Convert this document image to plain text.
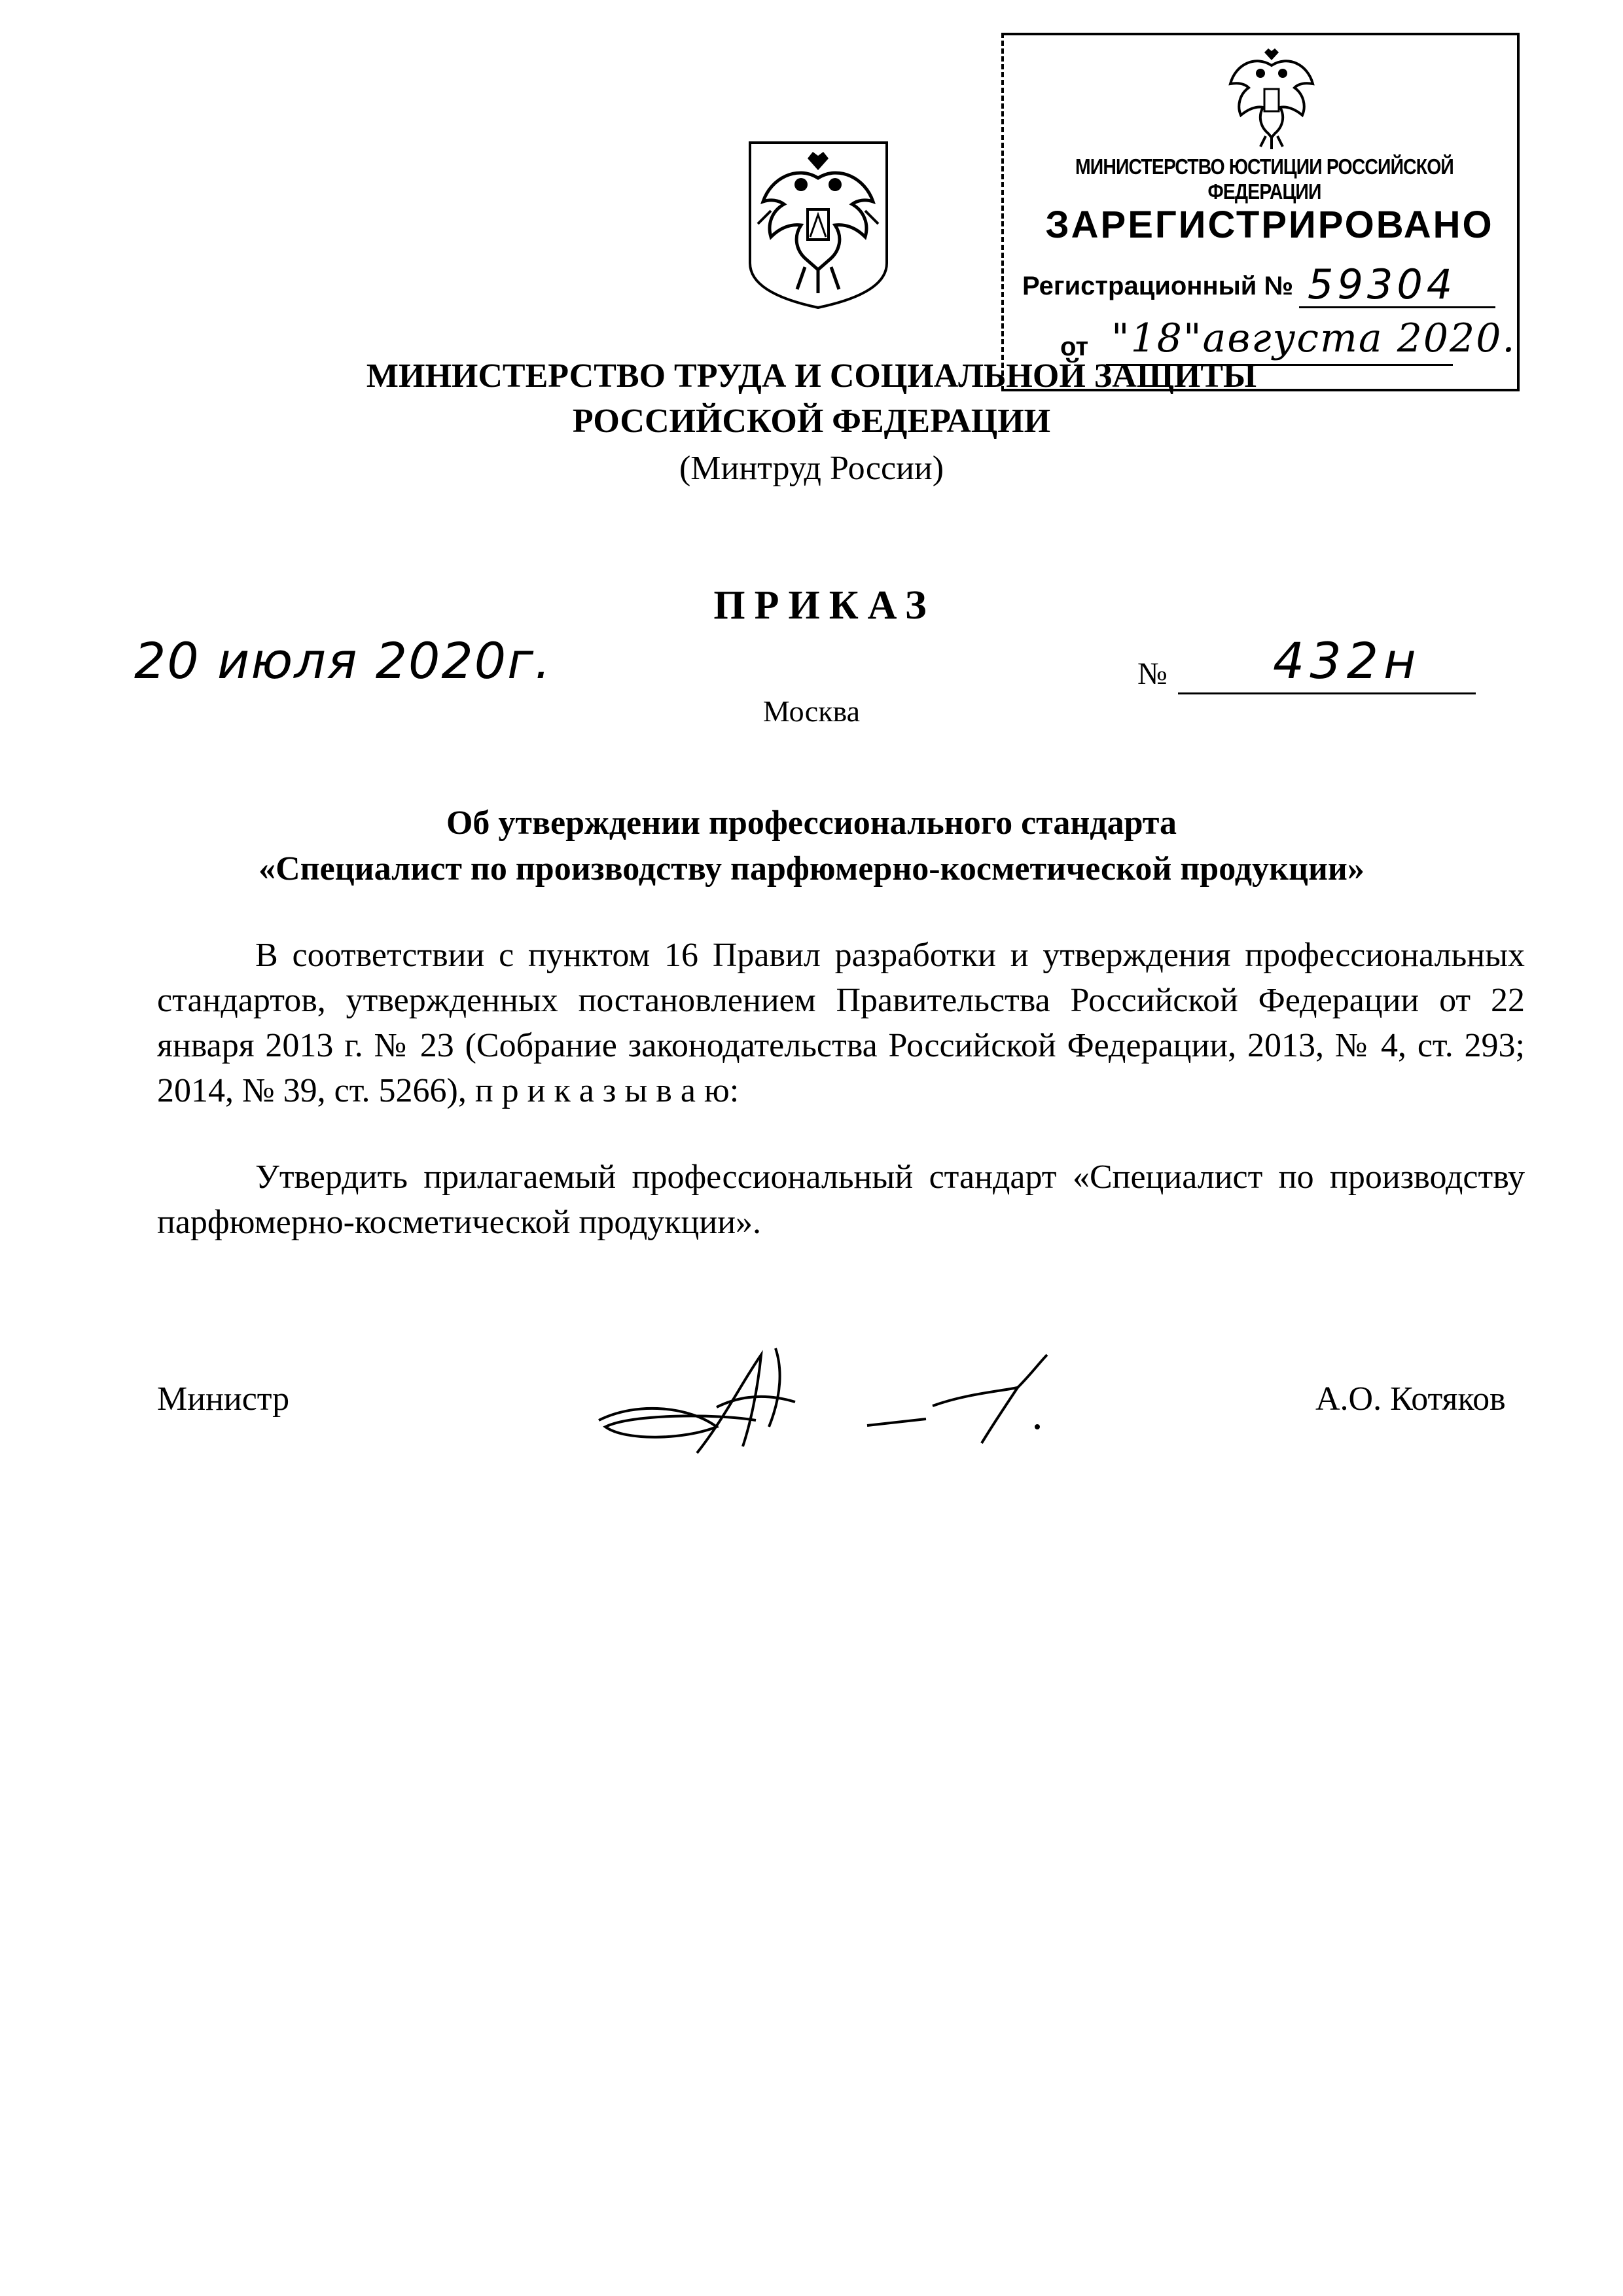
МИНИСТЕРСТВО ЮСТИЦИИ РОССИЙСКОЙ ФЕДЕРАЦИИ
ЗАРЕГИСТРИРОВАНО
Регистрационный № 59304
от "18"августа 2020.
МИНИСТЕРСТВО ТРУДА И СОЦИАЛЬНОЙ ЗАЩИТЫ
РОССИЙСКОЙ ФЕДЕРАЦИИ
(Минтруд России)
ПРИКАЗ
20 июля 2020г.	№ 432н
Москва
Об утверждении профессионального стандарта
«Специалист по производству парфюмерно-косметической продукции»
В соответствии с пунктом 16 Правил разработки и утверждения профессиональных стандартов, утвержденных постановлением Правительства Российской Федерации от 22 января 2013 г. № 23 (Собрание законодательства Российской Федерации, 2013, № 4, ст. 293; 2014, № 39, ст. 5266), п р и к а з ы в а ю:
Утвердить прилагаемый профессиональный стандарт «Специалист по производству парфюмерно-косметической продукции».
Министр	А.О. Котяков
